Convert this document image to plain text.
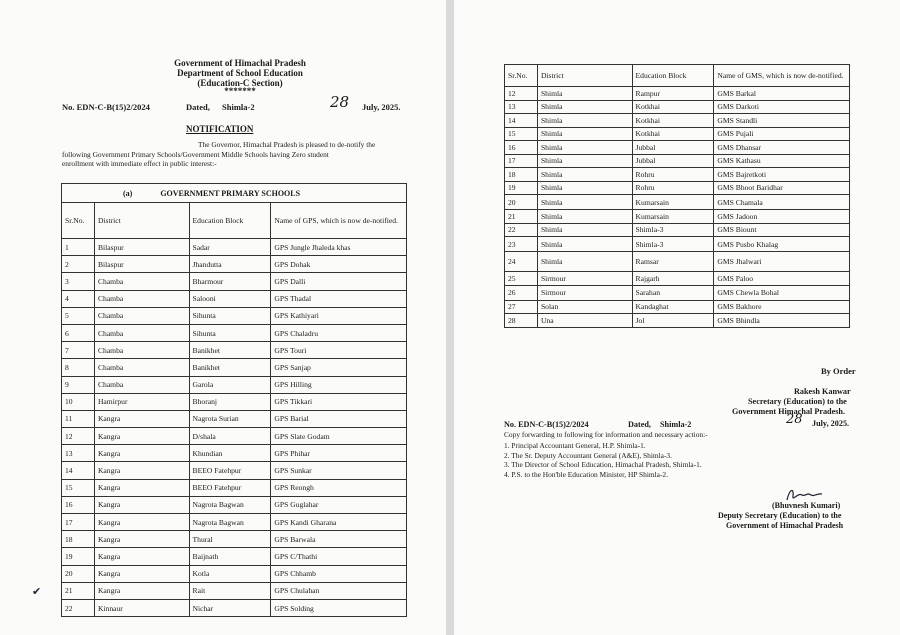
Government of Himachal Pradesh
Department of School Education
(Education-C Section)
*******
No. EDN-C-B(15)2/2024	Dated, Shimla-2	28 July, 2025.
NOTIFICATION
The Governor, Himachal Pradesh is pleased to de-notify the
following Government Primary Schools/Government Middle Schools having Zero student
enrollment with immediate effect in public interest:-
(a) GOVERNMENT PRIMARY SCHOOLS			
Sr.No.	District	Education Block	Name of GPS, which is now de-notified.
1	Bilaspur	Sadar	GPS Jungle Jhaleda khas
2	Bilaspur	Jhandutta	GPS Dohak
3	Chamba	Bharmour	GPS Dalli
4	Chamba	Salooni	GPS Thadal
5	Chamba	Sihunta	GPS Kathiyari
6	Chamba	Sihunta	GPS Chaladru
7	Chamba	Banikhet	GPS Touri
8	Chamba	Banikhet	GPS Sanjap
9	Chamba	Garola	GPS Hilling
10	Hamirpur	Bhoranj	GPS Tikkari
11	Kangra	Nagrota Surian	GPS Barial
12	Kangra	D/shala	GPS Slate Godam
13	Kangra	Khundian	GPS Phihar
14	Kangra	BEEO Fatehpur	GPS Sunkar
15	Kangra	BEEO Fatehpur	GPS Reongh
16	Kangra	Nagrota Bagwan	GPS Guglahar
17	Kangra	Nagrota Bagwan	GPS Kandi Gharana
18	Kangra	Thural	GPS Barwala
19	Kangra	Baijnath	GPS C/Thathi
20	Kangra	Kotla	GPS Chhamb
21	Kangra	Rait	GPS Chulahan
22	Kinnaur	Nichar	GPS Solding
✔
Sr.No.	District	Education Block	Name of GMS, which is now de-notified.
12	Shimla	Rampur	GMS Barkal
13	Shimla	Kotkhai	GMS Darkoti
14	Shimla	Kotkhai	GMS Standli
15	Shimla	Kotkhai	GMS Pujali
16	Shimla	Jubbal	GMS Dhansar
17	Shimla	Jubbal	GMS Kathasu
18	Shimla	Rohru	GMS Bajretkoti
19	Shimla	Rohru	GMS Bhoot Baridhar
20	Shimla	Kumarsain	GMS Chamala
21	Shimla	Kumarsain	GMS Jadoon
22	Shimla	Shimla-3	GMS Biount
23	Shimla	Shimla-3	GMS Pusbo Khalag
24	Shimla	Ramsar	GMS Jhalwari
25	Sirmour	Rajgarh	GMS Paloo
26	Sirmour	Sarahan	GMS Chewla Bohal
27	Solan	Kandaghat	GMS Bakhore
28	Una	Jol	GMS Bhindla
By Order
Rakesh Kanwar
Secretary (Education) to the
Government Himachal Pradesh.
No. EDN-C-B(15)2/2024	Dated, Shimla-2	28 July, 2025.
Copy forwarding to following for information and necessary action:-
1. Principal Accountant General, H.P. Shimla-1.
2. The Sr. Deputy Accountant General (A&E), Shimla-3.
3. The Director of School Education, Himachal Pradesh, Shimla-1.
4. P.S. to the Hon'ble Education Minister, HP Shimla-2.
(Bhuvnesh Kumari)
Deputy Secretary (Education) to the
Government of Himachal Pradesh
